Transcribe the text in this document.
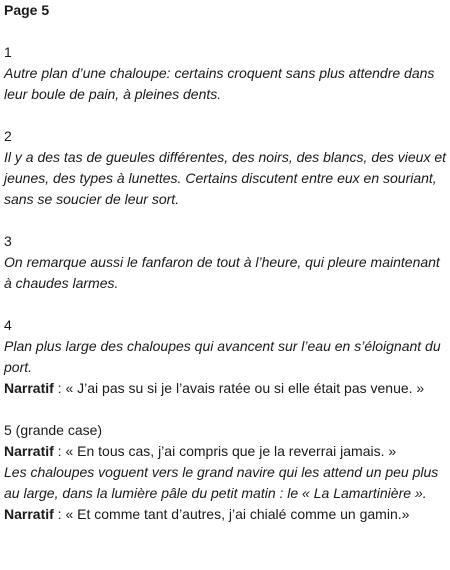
Page 5
1
Autre plan d’une chaloupe: certains croquent sans plus attendre dans leur boule de pain, à pleines dents.
2
Il y a des tas de gueules différentes, des noirs, des blancs, des vieux et jeunes, des types à lunettes. Certains discutent entre eux en souriant, sans se soucier de leur sort.
3
On remarque aussi le fanfaron de tout à l’heure, qui pleure maintenant à chaudes larmes.
4
Plan plus large des chaloupes qui avancent sur l’eau en s’éloignant du port.
Narratif : « J’ai pas su si je l’avais ratée ou si elle était pas venue. »
5 (grande case)
Narratif : « En tous cas, j’ai compris que je la reverrai jamais. »
Les chaloupes voguent vers le grand navire qui les attend un peu plus au large, dans la lumière pâle du petit matin : le « La Lamartinière ».
Narratif : « Et comme tant d’autres, j’ai chialé comme un gamin.»
